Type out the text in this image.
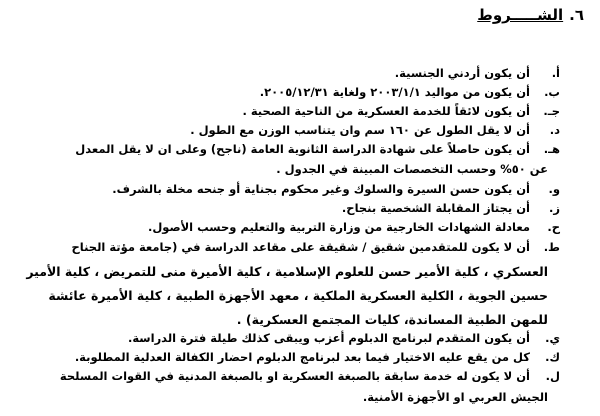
٦.الشـــــروط
أ.أن يكون أردني الجنسية.
ب.أن يكون من مواليد ٢٠٠٣/١/١ ولغاية ٢٠٠٥/١٢/٣١.
جـ.أن يكون لائقاً للخدمة العسكرية من الناحية الصحية .
د.أن لا يقل الطول عن ١٦٠ سم وان يتناسب الوزن مع الطول .
هـ.أن يكون حاصلاً على شهادة الدراسة الثانوية العامة (ناجح) وعلى ان لا يقل المعدل
عن ٥٠% وحسب التخصصات المبينة في الجدول .
و.أن يكون حسن السيرة والسلوك وغير محكوم بجناية أو جنحه مخلة بالشرف.
ز.أن يجتاز المقابلة الشخصية بنجاح.
ح.معادلة الشهادات الخارجية من وزارة التربية والتعليم وحسب الأصول.
ط.أن لا يكون للمتقدمين شقيق / شقيقة على مقاعد الدراسة في (جامعة مؤتة الجناح
العسكري ، كلية الأمير حسن للعلوم الإسلامية ، كلية الأميرة منى للتمريض ، كلية الأمير
حسين الجوية ، الكلية العسكرية الملكية ، معهد الأجهزة الطبية ، كلية الأميرة عائشة
للمهن الطبية المساندة، كليات المجتمع العسكرية) .
ي.أن يكون المتقدم لبرنامج الدبلوم أعزب ويبقى كذلك طيلة فترة الدراسة.
ك.كل من يقع عليه الاختيار فيما بعد لبرنامج الدبلوم احضار الكفالة العدلية المطلوبة.
ل.أن لا يكون له خدمة سابقة بالصبغة العسكرية او بالصبغة المدنية في القوات المسلحة
الجيش العربي او الأجهزة الأمنية.
